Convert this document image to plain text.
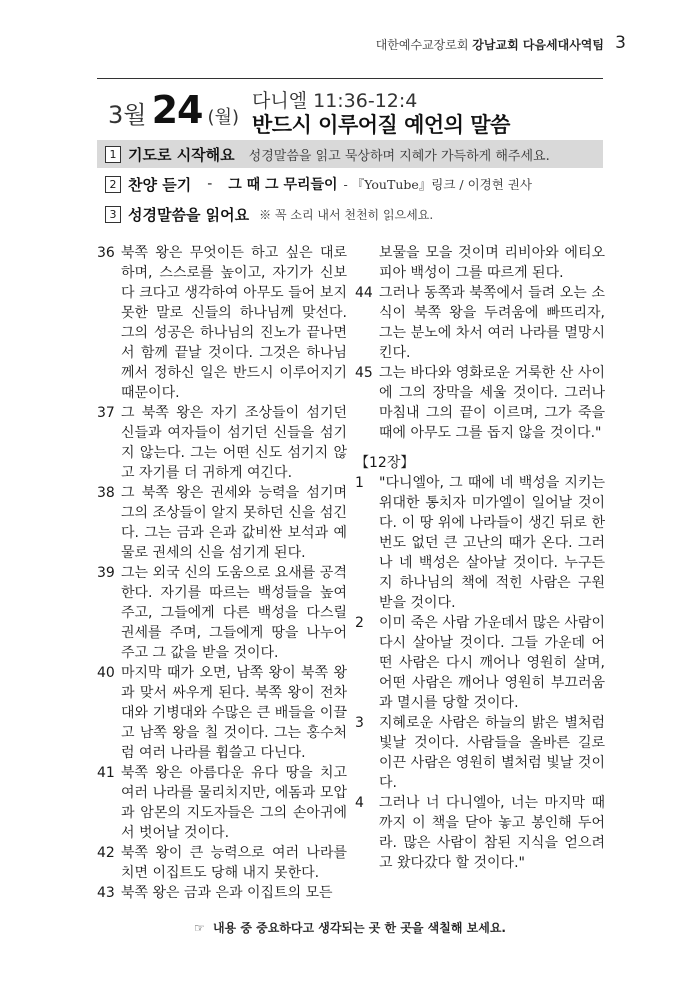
대한예수교장로회 강남교회 다음세대사역팀 3
3월 24 (월)
다니엘 11:36-12:4
반드시 이루어질 예언의 말씀
1 기도로 시작해요 성경말씀을 읽고 묵상하며 지혜가 가득하게 해주세요.
2 찬양 듣기 - 그 때 그 무리들이 - 『YouTube』링크 / 이경현 권사
3 성경말씀을 읽어요 ※ 꼭 소리 내서 천천히 읽으세요.
36 북쪽 왕은 무엇이든 하고 싶은 대로 하며, 스스로를 높이고, 자기가 신보다 크다고 생각하여 아무도 들어 보지 못한 말로 신들의 하나님께 맞선다. 그의 성공은 하나님의 진노가 끝나면서 함께 끝날 것이다. 그것은 하나님께서 정하신 일은 반드시 이루어지기 때문이다.
37 그 북쪽 왕은 자기 조상들이 섬기던 신들과 여자들이 섬기던 신들을 섬기지 않는다. 그는 어떤 신도 섬기지 않고 자기를 더 귀하게 여긴다.
38 그 북쪽 왕은 권세와 능력을 섬기며 그의 조상들이 알지 못하던 신을 섬긴다. 그는 금과 은과 값비싼 보석과 예물로 권세의 신을 섬기게 된다.
39 그는 외국 신의 도움으로 요새를 공격한다. 자기를 따르는 백성들을 높여 주고, 그들에게 다른 백성을 다스릴 권세를 주며, 그들에게 땅을 나누어 주고 그 값을 받을 것이다.
40 마지막 때가 오면, 남쪽 왕이 북쪽 왕과 맞서 싸우게 된다. 북쪽 왕이 전차대와 기병대와 수많은 큰 배들을 이끌고 남쪽 왕을 칠 것이다. 그는 홍수처럼 여러 나라를 휩쓸고 다닌다.
41 북쪽 왕은 아름다운 유다 땅을 치고 여러 나라를 물리치지만, 에돔과 모압과 암몬의 지도자들은 그의 손아귀에서 벗어날 것이다.
42 북쪽 왕이 큰 능력으로 여러 나라를 치면 이집트도 당해 내지 못한다.
43 북쪽 왕은 금과 은과 이집트의 모든
보물을 모을 것이며 리비아와 에티오피아 백성이 그를 따르게 된다.
44 그러나 동쪽과 북쪽에서 들려 오는 소식이 북쪽 왕을 두려움에 빠뜨리자, 그는 분노에 차서 여러 나라를 멸망시킨다.
45 그는 바다와 영화로운 거룩한 산 사이에 그의 장막을 세울 것이다. 그러나 마침내 그의 끝이 이르며, 그가 죽을 때에 아무도 그를 돕지 않을 것이다."
【12장】
1	"다니엘아, 그 때에 네 백성을 지키는 위대한 통치자 미가엘이 일어날 것이다. 이 땅 위에 나라들이 생긴 뒤로 한 번도 없던 큰 고난의 때가 온다. 그러나 네 백성은 살아날 것이다. 누구든지 하나님의 책에 적힌 사람은 구원 받을 것이다.
2	이미 죽은 사람 가운데서 많은 사람이 다시 살아날 것이다. 그들 가운데 어떤 사람은 다시 깨어나 영원히 살며, 어떤 사람은 깨어나 영원히 부끄러움과 멸시를 당할 것이다.
3	지혜로운 사람은 하늘의 밝은 별처럼 빛날 것이다. 사람들을 올바른 길로 이끈 사람은 영원히 별처럼 빛날 것이다.
4	그러나 너 다니엘아, 너는 마지막 때까지 이 책을 닫아 놓고 봉인해 두어라. 많은 사람이 참된 지식을 얻으려고 왔다갔다 할 것이다."
☞ 내용 중 중요하다고 생각되는 곳 한 곳을 색칠해 보세요.
